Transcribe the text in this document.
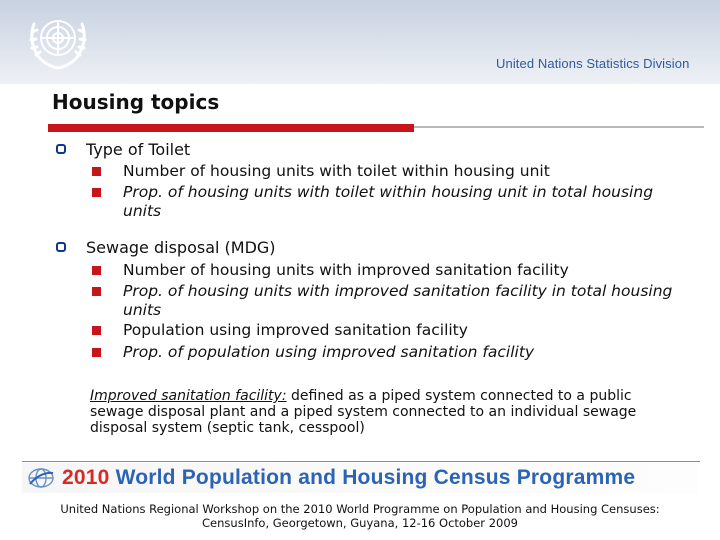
United Nations Statistics Division
Housing topics
Type of Toilet
Number of housing units with toilet within housing unit
Prop. of housing units with toilet within housing unit in total housing units
Sewage disposal (MDG)
Number of housing units with improved sanitation facility
Prop. of housing units with improved sanitation facility in total housing units
Population using improved sanitation facility
Prop. of population using improved sanitation facility
Improved sanitation facility: defined as a piped system connected to a public sewage disposal plant and a piped system connected to an individual sewage disposal system (septic tank, cesspool)
2010 World Population and Housing Census Programme
United Nations Regional Workshop on the 2010 World Programme on Population and Housing Censuses:
CensusInfo, Georgetown, Guyana, 12-16 October 2009
